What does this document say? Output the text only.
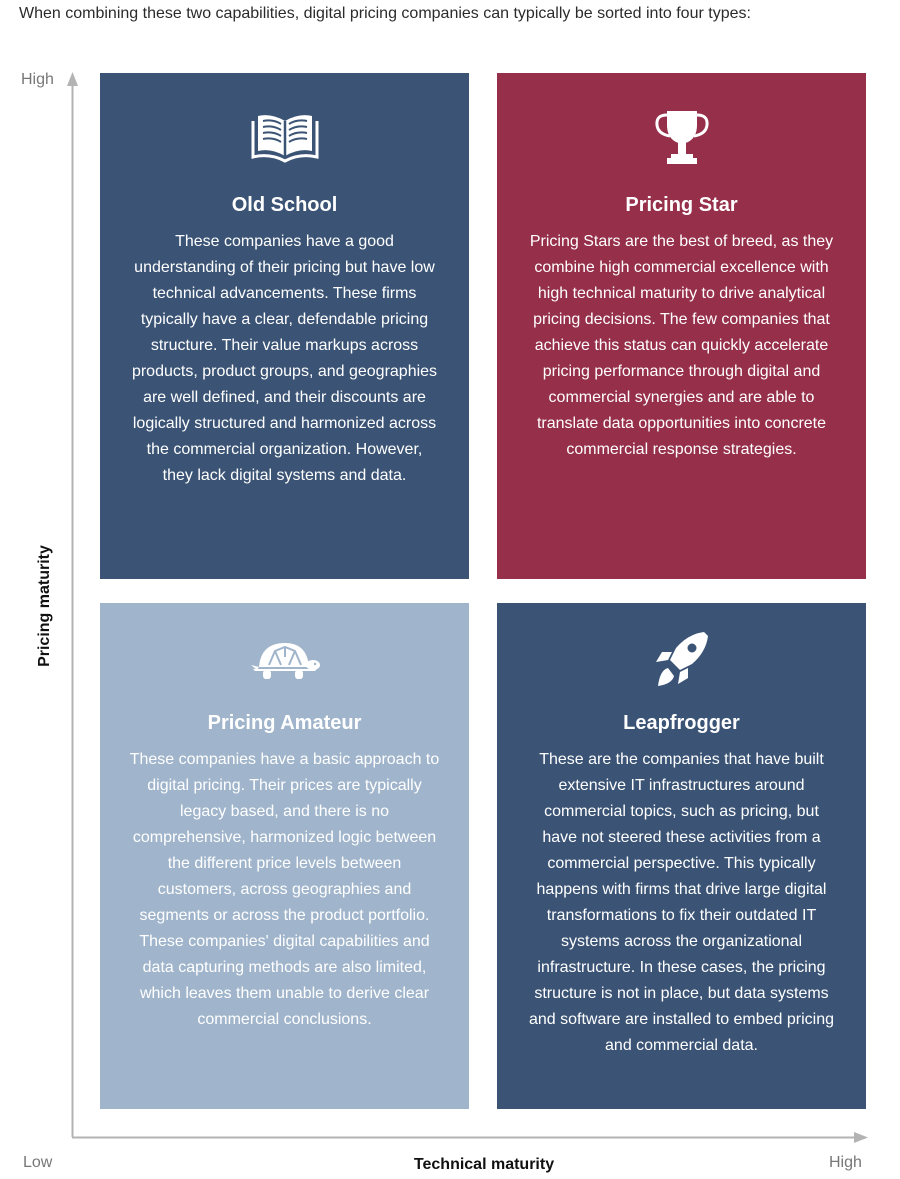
When combining these two capabilities, digital pricing companies can typically be sorted into four types:
High
Low	High
Technical maturity
Pricing maturity
Old School
These companies have a good understanding of their pricing but have low technical advancements. These firms typically have a clear, defendable pricing structure. Their value markups across products, product groups, and geographies are well defined, and their discounts are logically structured and harmonized across the commercial organization. However, they lack digital systems and data.
Pricing Star
Pricing Stars are the best of breed, as they combine high commercial excellence with high technical maturity to drive analytical pricing decisions. The few companies that achieve this status can quickly accelerate pricing performance through digital and commercial synergies and are able to translate data opportunities into concrete commercial response strategies.
Pricing Amateur
These companies have a basic approach to digital pricing. Their prices are typically legacy based, and there is no comprehensive, harmonized logic between the different price levels between customers, across geographies and segments or across the product portfolio. These companies' digital capabilities and data capturing methods are also limited, which leaves them unable to derive clear commercial conclusions.
Leapfrogger
These are the companies that have built extensive IT infrastructures around commercial topics, such as pricing, but have not steered these activities from a commercial perspective. This typically happens with firms that drive large digital transformations to fix their outdated IT systems across the organizational infrastructure. In these cases, the pricing structure is not in place, but data systems and software are installed to embed pricing and commercial data.
